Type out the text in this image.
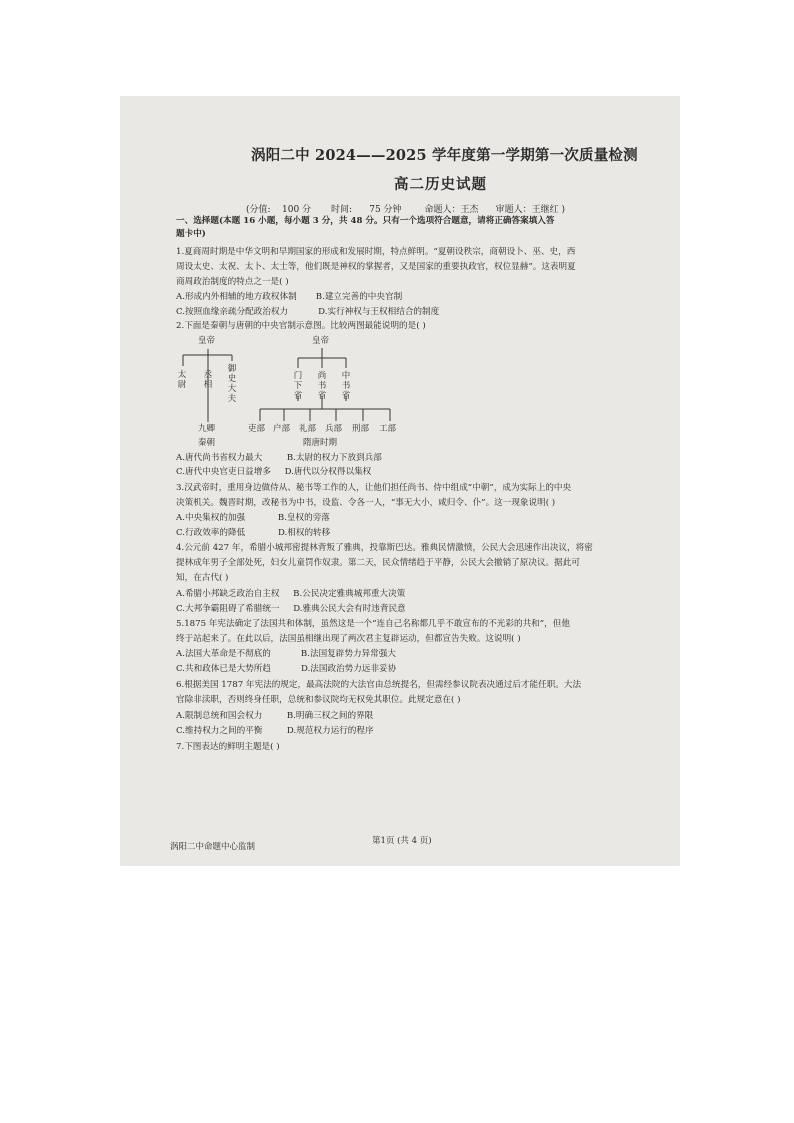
涡阳二中 2024——2025 学年度第一学期第一次质量检测
高二历史试题
(分值:    100 分       时间:      75 分钟        命题人：王杰      审题人：王继红 )
一、选择题(本题 16 小题，每小题 3 分，共 48 分。只有一个选项符合题意，请将正确答案填入答
题卡中)
1.夏商周时期是中华文明和早期国家的形成和发展时期，特点鲜明。“夏朝设秩宗，商朝设卜、巫、史，西
周设太史、太祝、太卜、太士等，他们既是神权的掌握者，又是国家的重要执政官，权位显赫”。这表明夏
商周政治制度的特点之一是( )
A.形成内外相辅的地方政权体制       B.建立完善的中央官制
C.按照血缘亲疏分配政治权力           D.实行神权与王权相结合的制度
2.下面是秦朝与唐朝的中央官制示意图。比较两图最能说明的是( )
皇帝
太尉
丞相
御史大夫
九卿
秦朝
皇帝
门下省
尚书省
中书省
吏部 户部 礼部 兵部 刑部 工部
隋唐时期
A.唐代尚书省权力最大         B.太尉的权力下放到兵部
C.唐代中央官吏日益增多     D.唐代以分权得以集权
3.汉武帝时，重用身边做侍从、秘书等工作的人，让他们担任尚书、侍中组成“中朝”，成为实际上的中央
决策机关。魏晋时期，改秘书为中书，设监、令各一人，“事无大小，咸归令、仆”。这一现象说明( )
A.中央集权的加强            B.皇权的旁落
C.行政效率的降低            D.相权的转移
4.公元前 427 年，希腊小城邦密提林背叛了雅典，投靠斯巴达。雅典民情激愤，公民大会迅速作出决议，将密
提林成年男子全部处死，妇女儿童罚作奴隶。第二天，民众情绪趋于平静，公民大会撤销了原决议。据此可
知，在古代( )
A.希腊小邦缺乏政治自主权     B.公民决定雅典城邦重大决策
C.大邦争霸阻碍了希腊统一     D.雅典公民大会有时违背民意
5.1875 年宪法确定了法国共和体制，虽然这是一个“连自己名称都几乎不敢宣布的不光彩的共和”，但他
终于站起来了。在此以后，法国虽相继出现了两次君主复辟运动，但都宣告失败。这说明( )
A.法国大革命是不彻底的           B.法国复辟势力异常强大
C.共和政体已是大势所趋           D.法国政治势力远非妥协
6.根据美国 1787 年宪法的规定，最高法院的大法官由总统提名，但需经参议院表决通过后才能任职。大法
官除非渎职，否则终身任职，总统和参议院均无权免其职位。此规定意在( )
A.限制总统和国会权力         B.明确三权之间的界限
C.维持权力之间的平衡         D.规范权力运行的程序
7.下图表达的鲜明主题是( )
涡阳二中命题中心监制
第1页 (共 4 页)
